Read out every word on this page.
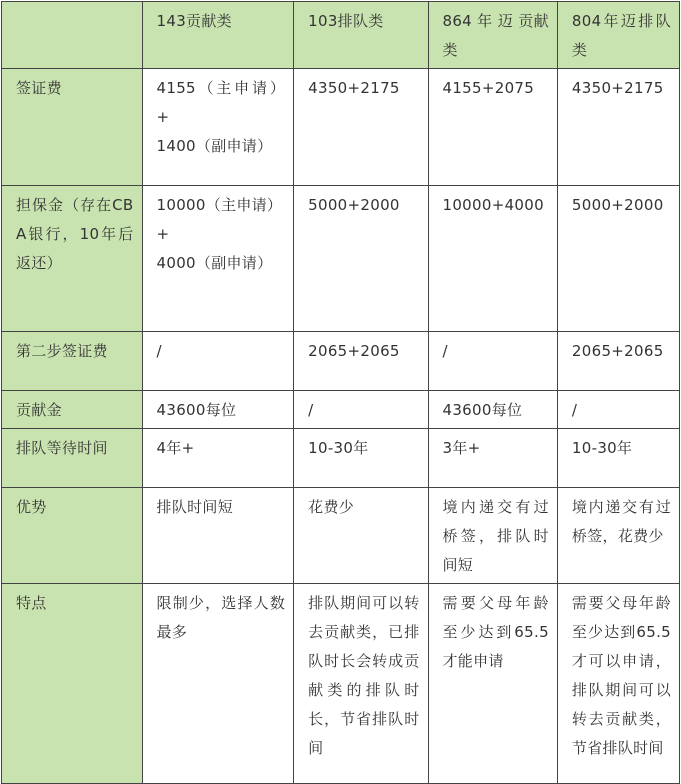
	143贡献类	103排队类	864 年 迈 贡献类	804年迈排队类
签证费	4155（主申请）+
1400（副申请）	4350+2175	4155+2075	4350+2175

担保金（存在CBA银行，10年后返还）	10000（主申请）
+
4000（副申请）	5000+2000	10000+4000	5000+2000

第二步签证费	/	2065+2065	/	2065+2065

贡献金	43600每位	/	43600每位	/

排队等待时间	4年+	10-30年	3年+	10-30年

优势	排队时间短	花费少	境内递交有过桥签，排队时间短	境内递交有过桥签，花费少

特点	限制少，选择人数最多	排队期间可以转去贡献类，已排队时长会转成贡献类的排队时长，节省排队时间	需要父母年龄至少达到65.5才能申请	需要父母年龄至少达到65.5才可以申请，排队期间可以转去贡献类，节省排队时间
